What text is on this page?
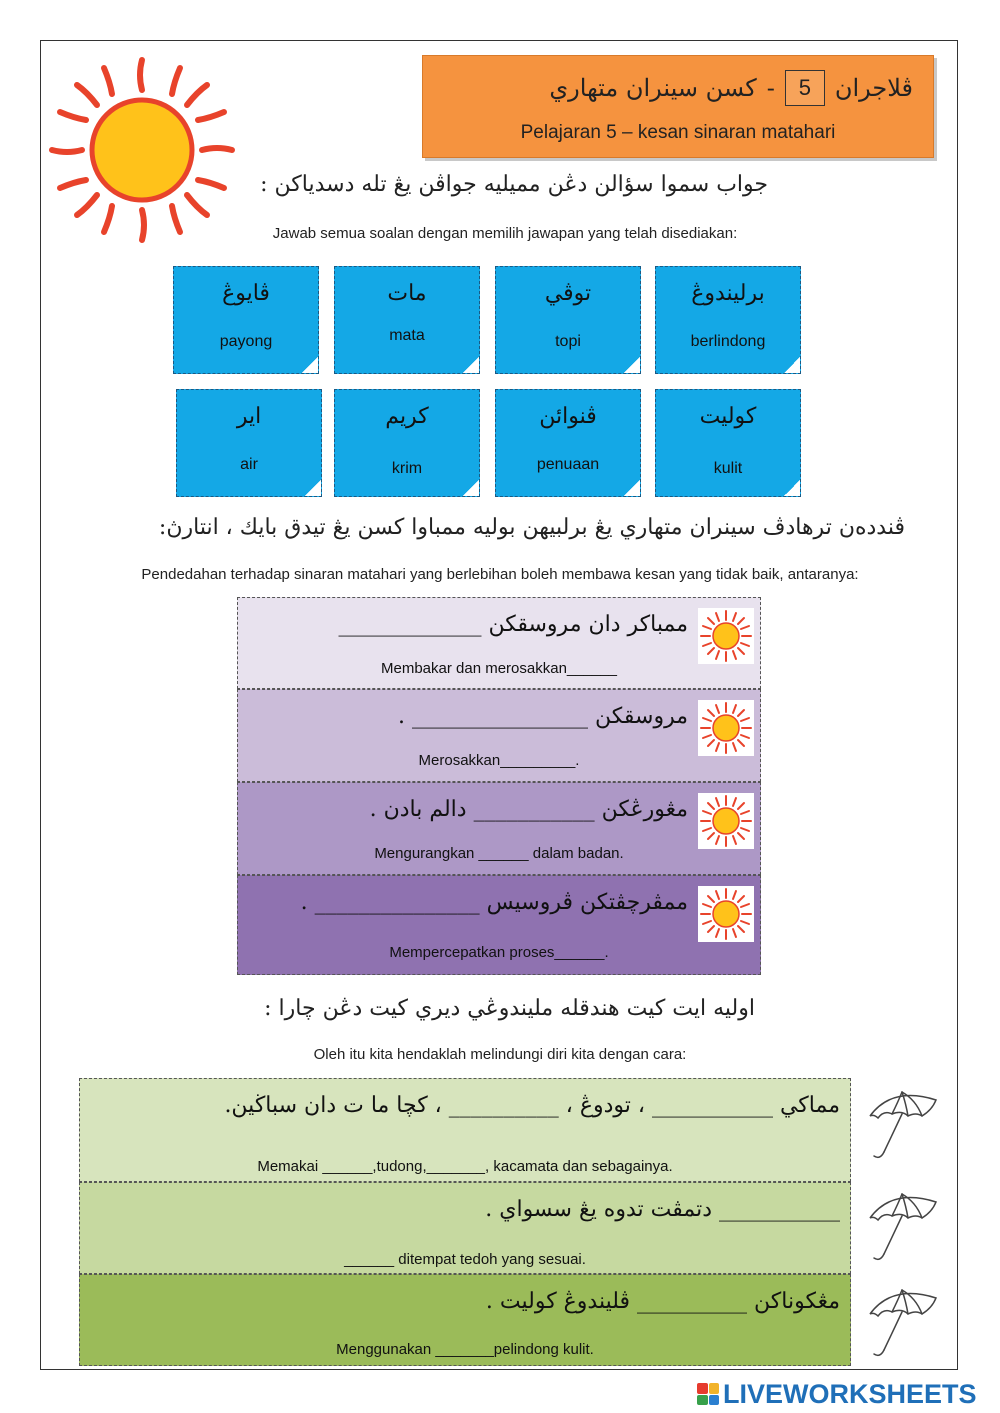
ڤلاجران
5
-
كسن سينران متهاري
Pelajaran 5 – kesan sinaran matahari
جواب سموا سؤالن دڠن مميليه جواڤن يڠ تله دسدياكن :
Jawab semua soalan dengan memilih jawapan yang telah disediakan:
ڤايوڠ
payong
مات
mata
توڤي
topi
برليندوڠ
berlindong
اير
air
كريم
krim
ڤنوائن
penuaan
كوليت
kulit
ڤندده‌ن ترهادڤ سينران متهاري يڠ برلبيهن بوليه ممباوا كسن يڠ تيدق بايك ، انتارڽ:
Pendedahan terhadap sinaran matahari yang berlebihan boleh membawa kesan yang tidak baik, antaranya:
ممباكر دان مروسقكن _____________
Membakar dan merosakkan______
مروسقكن ________________ .
Merosakkan_________.
مڠورڠكن ___________ دالم بادن .
Mengurangkan ______ dalam badan.
ممڤرچڤتكن ڤروسيس _______________ .
Mempercepatkan proses______.
اوليه ايت كيت هندقله مليندوڠي ديري كيت دڠن چارا :
Oleh itu kita hendaklah melindungi diri kita dengan cara:
مماكي ___________ ، تودوڠ ، __________ ، كچا ما ت دان سباڬين.
Memakai ______,tudong,_______, kacamata dan sebagainya.
___________ دتمڤت تدوه يڠ سسواي .
______ ditempat tedoh yang sesuai.
مڠكوناكن __________ ڤليندوڠ كوليت .
Menggunakan _______pelindong kulit.
LIVEWORKSHEETS
